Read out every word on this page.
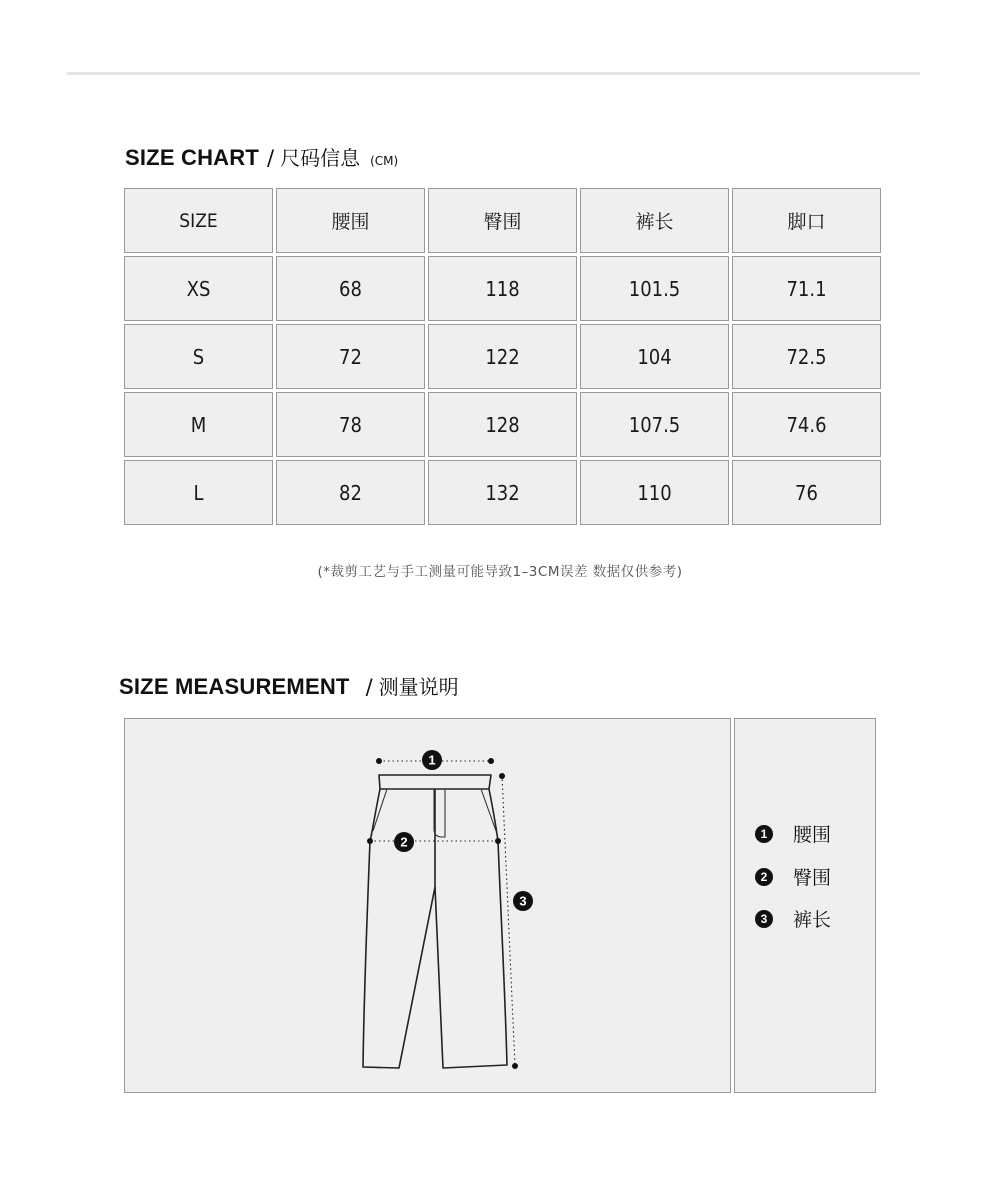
SIZE CHART / 尺码信息 (CM)
SIZE	腰围	臀围	裤长	脚口
XS	68	118	101.5	71.1
S	72	122	104	72.5
M	78	128	107.5	74.6
L	82	132	110	76
(*裁剪工艺与手工测量可能导致1–3CM误差 数据仅供参考)
SIZE MEASUREMENT / 测量说明
1
2
3
1 腰围
2 臀围
3 裤长
